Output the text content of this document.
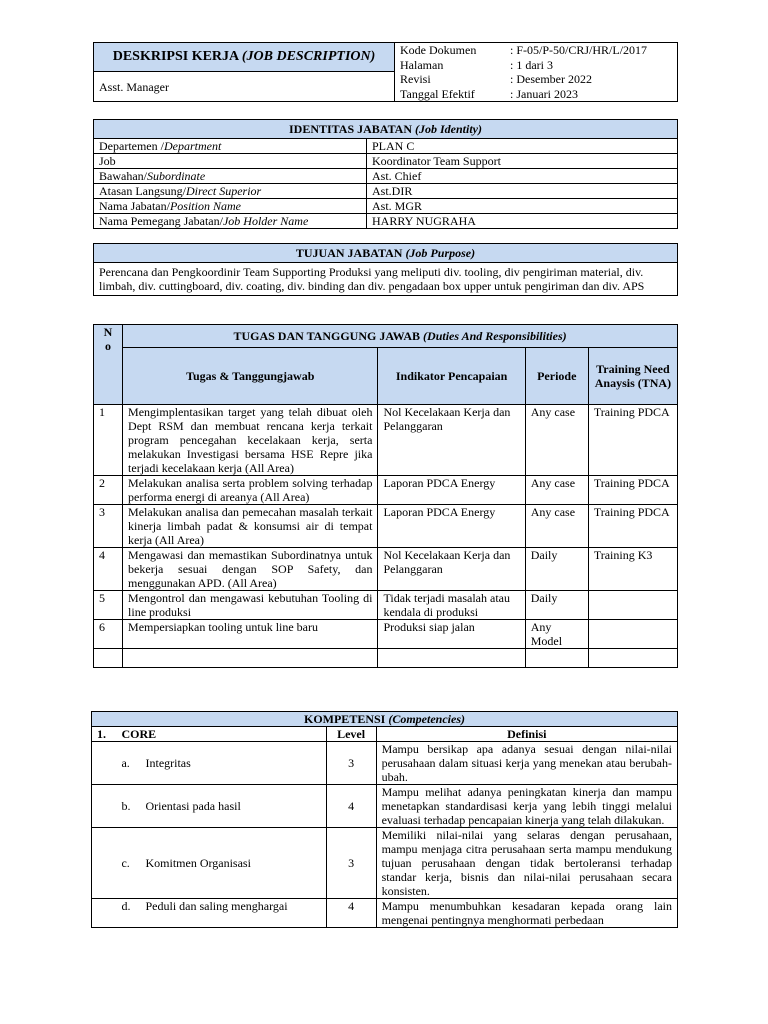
DESKRIPSI KERJA (JOB DESCRIPTION)	Kode Dokumen	: F-05/P-50/CRJ/HR/L/2017
Halaman	: 1 dari 3
Revisi	: Desember 2022
Tanggal Efektif	: Januari 2023

Asst. Manager
IDENTITAS JABATAN (Job Identity)	
Departemen /Department	PLAN C
Job	Koordinator Team Support
Bawahan/Subordinate	Ast. Chief
Atasan Langsung/Direct Superior	Ast.DIR
Nama Jabatan/Position Name	Ast. MGR
Nama Pemegang Jabatan/Job Holder Name	HARRY NUGRAHA
TUJUAN JABATAN (Job Purpose)
Perencana dan Pengkoordinir Team Supporting Produksi yang meliputi div. tooling, div pengiriman material, div. limbah, div. cuttingboard, div. coating, div. binding dan div. pengadaan box upper untuk pengiriman dan div. APS
No	TUGAS DAN TANGGUNG JAWAB (Duties And Responsibilities)			
	Tugas & Tanggungjawab	Indikator Pencapaian	Periode	Training Need Anaysis (TNA)
1	Mengimplentasikan target yang telah dibuat oleh Dept RSM dan membuat rencana kerja terkait program pencegahan kecelakaan kerja, serta melakukan Investigasi bersama HSE Repre jika terjadi kecelakaan kerja (All Area)	Nol Kecelakaan Kerja dan Pelanggaran	Any case	Training PDCA
2	Melakukan analisa serta problem solving terhadap performa energi di areanya (All Area)	Laporan PDCA Energy	Any case	Training PDCA
3	Melakukan analisa dan pemecahan masalah terkait kinerja limbah padat & konsumsi air di tempat kerja (All Area)	Laporan PDCA Energy	Any case	Training PDCA
4	Mengawasi dan memastikan Subordinatnya untuk bekerja sesuai dengan SOP Safety, dan menggunakan APD. (All Area)	Nol Kecelakaan Kerja dan Pelanggaran	Daily	Training K3
5	Mengontrol dan mengawasi kebutuhan Tooling di line produksi	Tidak terjadi masalah atau kendala di produksi	Daily	
6	Mempersiapkan tooling untuk line baru	Produksi siap jalan	Any Model	

KOMPETENSI (Competencies)			
1.	CORE	Level	Definisi
	a. Integritas	3	Mampu bersikap apa adanya sesuai dengan nilai-nilai perusahaan dalam situasi kerja yang menekan atau berubah-ubah.
	b. Orientasi pada hasil	4	Mampu melihat adanya peningkatan kinerja dan mampu menetapkan standardisasi kerja yang lebih tinggi melalui evaluasi terhadap pencapaian kinerja yang telah dilakukan.
	c. Komitmen Organisasi	3	Memiliki nilai-nilai yang selaras dengan perusahaan, mampu menjaga citra perusahaan serta mampu mendukung tujuan perusahaan dengan tidak bertoleransi terhadap standar kerja, bisnis dan nilai-nilai perusahaan secara konsisten.
	d. Peduli dan saling menghargai	4	Mampu menumbuhkan kesadaran kepada orang lain mengenai pentingnya menghormati perbedaan
